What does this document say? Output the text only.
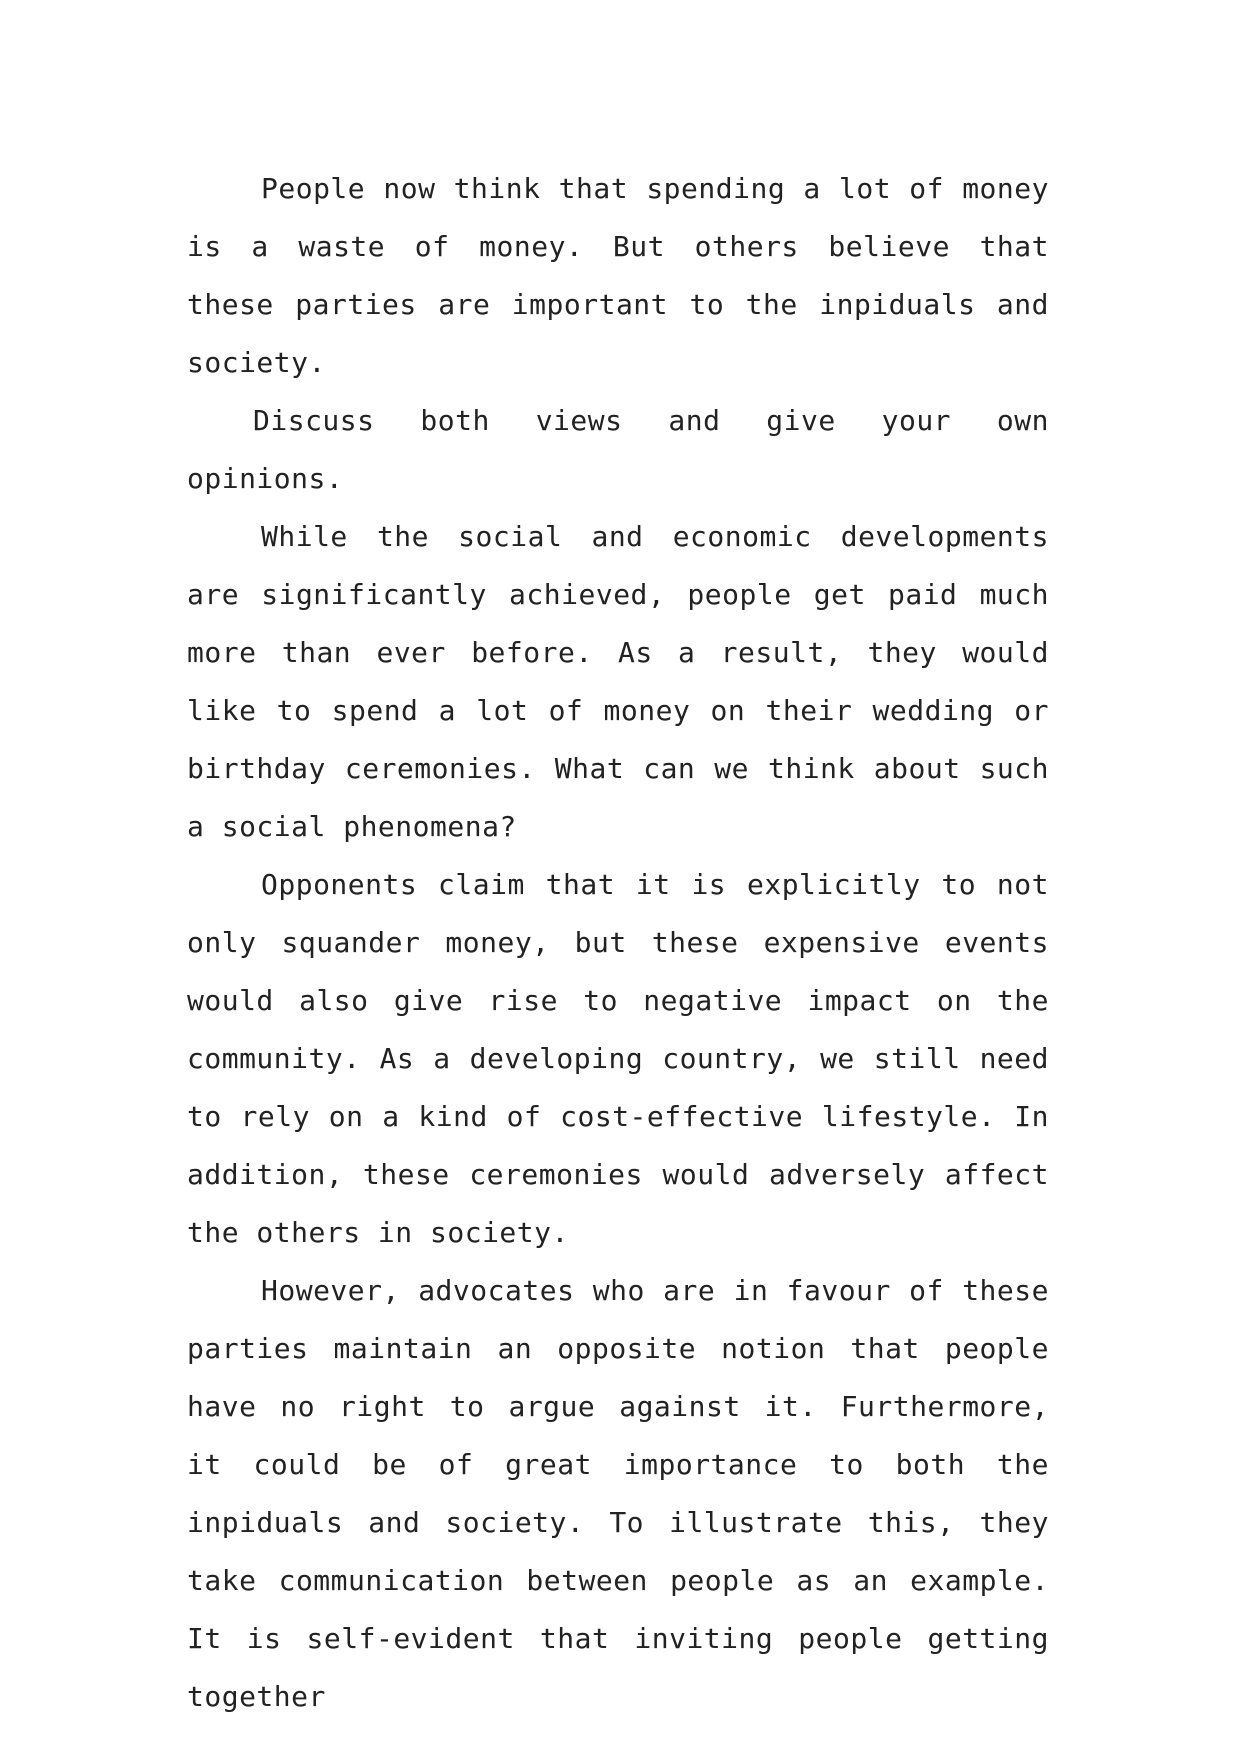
People now think that spending a lot of money is a waste of money. But others believe that these parties are important to the inpiduals and society.

Discuss both views and give your own opinions.

While the social and economic developments are significantly achieved, people get paid much more than ever before. As a result, they would like to spend a lot of money on their wedding or birthday ceremonies. What can we think about such a social phenomena?

Opponents claim that it is explicitly to not only squander money, but these expensive events would also give rise to negative impact on the community. As a developing country, we still need to rely on a kind of cost-effective lifestyle. In addition, these ceremonies would adversely affect the others in society.

However, advocates who are in favour of these parties maintain an opposite notion that people have no right to argue against it. Furthermore, it could be of great importance to both the inpiduals and society. To illustrate this, they take communication between people as an example. It is self-evident that inviting people getting together
